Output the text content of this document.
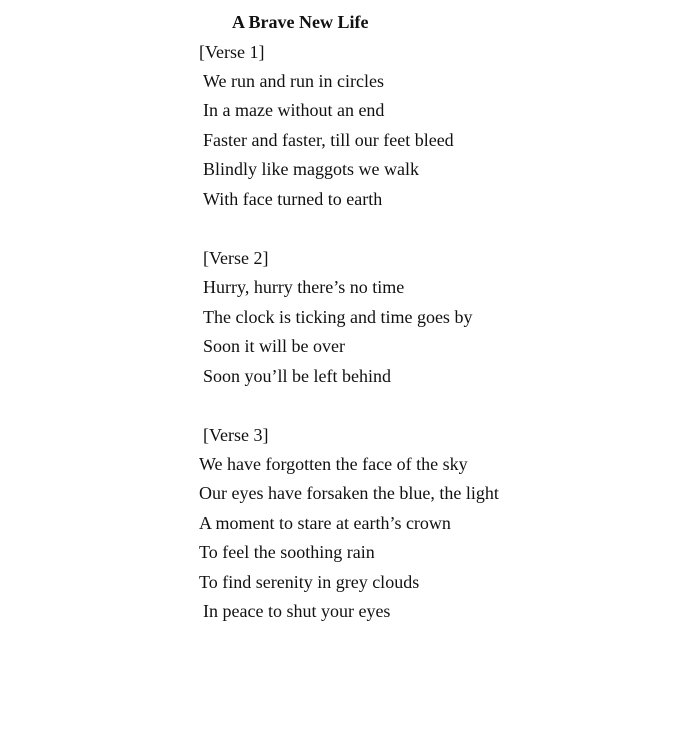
A Brave New Life
[Verse 1]
We run and run in circles
In a maze without an end
Faster and faster, till our feet bleed
Blindly like maggots we walk
With face turned to earth
[Verse 2]
Hurry, hurry there’s no time
The clock is ticking and time goes by
Soon it will be over
Soon you’ll be left behind
[Verse 3]
We have forgotten the face of the sky
Our eyes have forsaken the blue, the light
A moment to stare at earth’s crown
To feel the soothing rain
To find serenity in grey clouds
In peace to shut your eyes
